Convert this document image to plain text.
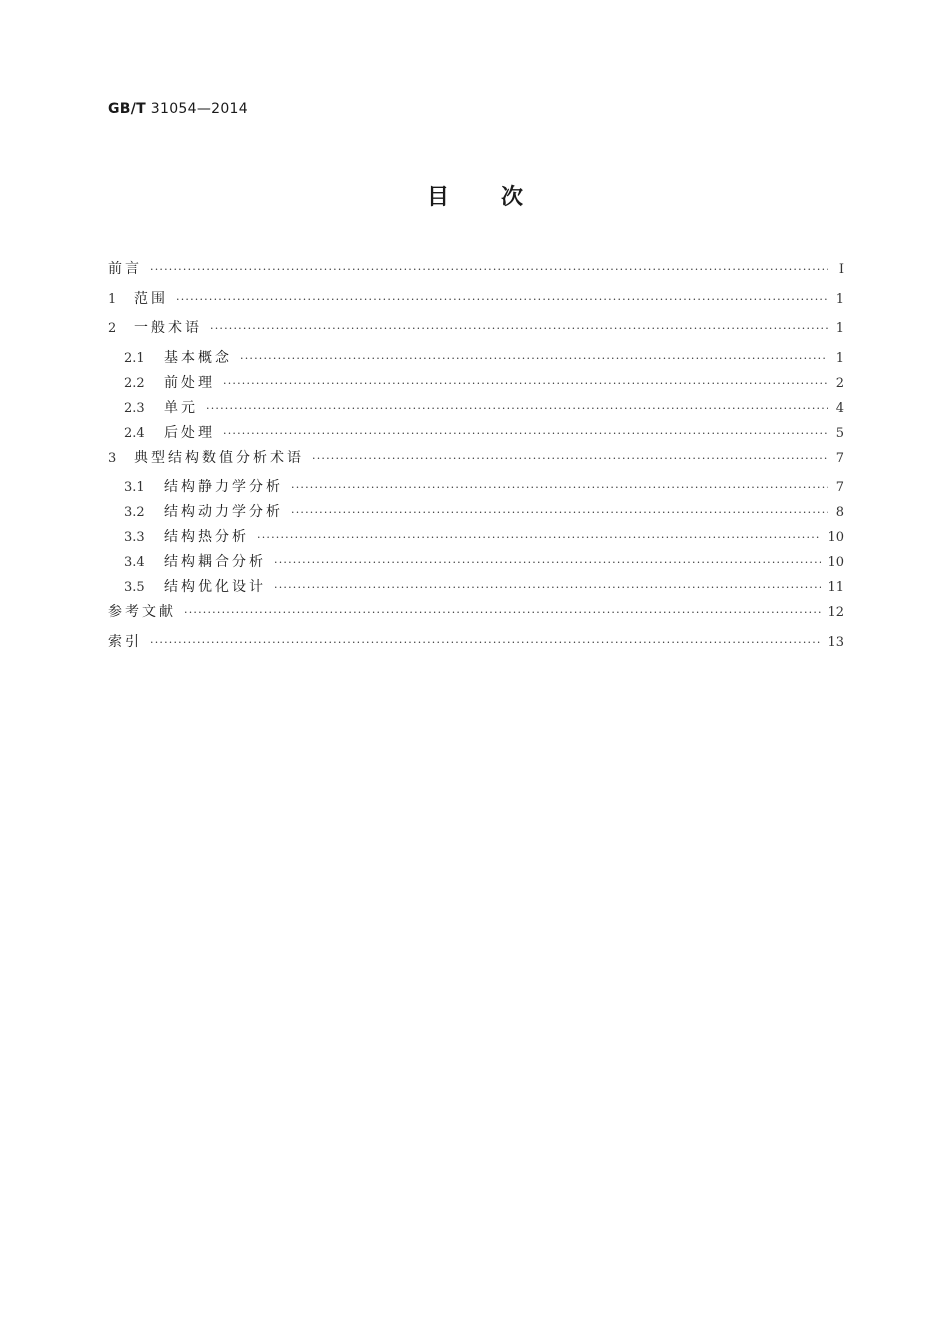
GB/T 31054—2014
目次
前言 ·····	Ⅰ
1	范围 ·····	1
2	一般术语 ·····	1
2.1	基本概念 ·····	1
2.2	前处理 ·····	2
2.3	单元 ·····	4
2.4	后处理 ·····	5
3	典型结构数值分析术语 ·····	7
3.1	结构静力学分析 ·····	7
3.2	结构动力学分析 ·····	8
3.3	结构热分析 ·····	10
3.4	结构耦合分析 ·····	10
3.5	结构优化设计 ·····	11
参考文献 ·····	12
索引 ·····	13
